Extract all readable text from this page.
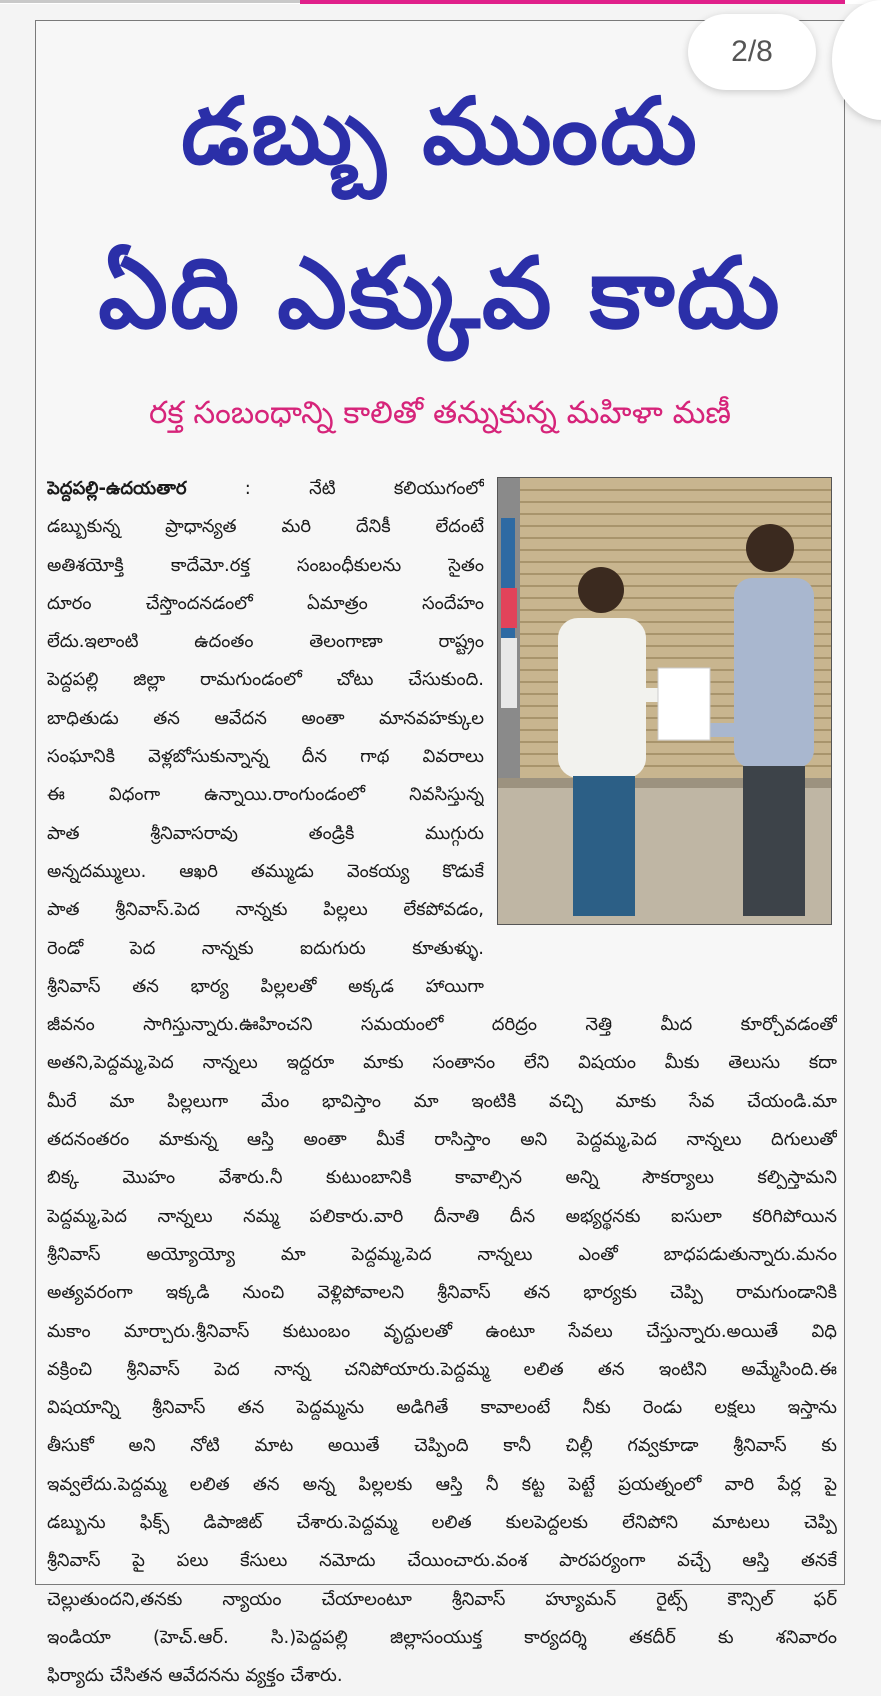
2/8
డబ్బు ముందు
ఏది ఎక్కువ కాదు
రక్త సంబంధాన్ని కాలితో తన్నుకున్న మహిళా మణీ
పెద్దపల్లి-ఉదయతార	: నేటి కలియుగంలో
డబ్బుకున్న ప్రాధాన్యత మరి దేనికీ లేదంటే
అతిశయోక్తి కాదేమో.రక్త సంబంధీకులను సైతం
దూరం చేస్తొందనడంలో ఏమాత్రం సందేహం
లేదు.ఇలాంటి ఉదంతం తెలంగాణా రాష్ట్రం
పెద్దపల్లి జిల్లా రామగుండంలో చోటు చేసుకుంది.
బాధితుడు తన ఆవేదన అంతా మానవహక్కుల
సంఘానికి వెళ్లబోసుకున్నాన్న దీన గాథ వివరాలు
ఈ విధంగా ఉన్నాయి.రాంగుండంలో నివసిస్తున్న
పాత శ్రీనివాసరావు తండ్రికి ముగ్గురు
అన్నదమ్ములు. ఆఖరి తమ్ముడు వెంకయ్య కొడుకే
పాత శ్రీనివాస్.పెద నాన్నకు పిల్లలు లేకపోవడం,
రెండో పెద నాన్నకు ఐదుగురు కూతుళ్ళు.
శ్రీనివాస్ తన భార్య పిల్లలతో అక్కడ హాయిగా
జీవనం సాగిస్తున్నారు.ఊహించని సమయంలో దరిద్రం నెత్తి మీద కూర్చోవడంతో
అతని,పెద్దమ్మ,పెద నాన్నలు ఇద్దరూ మాకు సంతానం లేని విషయం మీకు తెలుసు కదా
మీరే మా పిల్లలుగా మేం భావిస్తాం మా ఇంటికి వచ్చి మాకు సేవ చేయండి.మా
తదనంతరం మాకున్న ఆస్తి అంతా మీకే రాసిస్తాం అని పెద్దమ్మ,పెద నాన్నలు దిగులుతో
బిక్క మొహం వేశారు.నీ కుటుంబానికి కావాల్సిన అన్ని సౌకర్యాలు కల్పిస్తామని
పెద్దమ్మ,పెద నాన్నలు నమ్మ పలికారు.వారి దీనాతి దీన అభ్యర్థనకు ఐసులా కరిగిపోయిన
శ్రీనివాస్ అయ్యోయ్యో మా పెద్దమ్మ,పెద నాన్నలు ఎంతో బాధపడుతున్నారు.మనం
అత్యవరంగా ఇక్కడి నుంచి వెళ్లిపోవాలని శ్రీనివాస్ తన భార్యకు చెప్పి రామగుండానికి
మకాం మార్చారు.శ్రీనివాస్ కుటుంబం వృద్దులతో ఉంటూ సేవలు చేస్తున్నారు.అయితే విధి
వక్రించి శ్రీనివాస్ పెద నాన్న చనిపోయారు.పెద్దమ్మ లలిత తన ఇంటిని అమ్మేసింది.ఈ
విషయాన్ని శ్రీనివాస్ తన పెద్దమ్మను అడిగితే కావాలంటే నీకు రెండు లక్షలు ఇస్తాను
తీసుకో అని నోటి మాట అయితే చెప్పింది కానీ చిల్లీ గవ్వకూడా శ్రీనివాస్ కు
ఇవ్వలేదు.పెద్దమ్మ లలిత తన అన్న పిల్లలకు ఆస్తి నీ కట్ట పెట్టే ప్రయత్నంలో వారి పేర్ల పై
డబ్బును ఫిక్స్ డిపాజిట్ చేశారు.పెద్దమ్మ లలిత కులపెద్దలకు లేనిపోని మాటలు చెప్పి
శ్రీనివాస్ పై పలు కేసులు నమోదు చేయించారు.వంశ పారపర్యంగా వచ్చే ఆస్తి తనకే
చెల్లుతుందని,తనకు న్యాయం చేయాలంటూ శ్రీనివాస్ హ్యూమన్ రైట్స్ కౌన్సిల్ ఫర్
ఇండియా (హెచ్.ఆర్. సి.)పెద్దపల్లి జిల్లాసంయుక్త కార్యదర్శి తకదీర్ కు శనివారం
ఫిర్యాదు చేసితన ఆవేదనను వ్యక్తం చేశారు.
